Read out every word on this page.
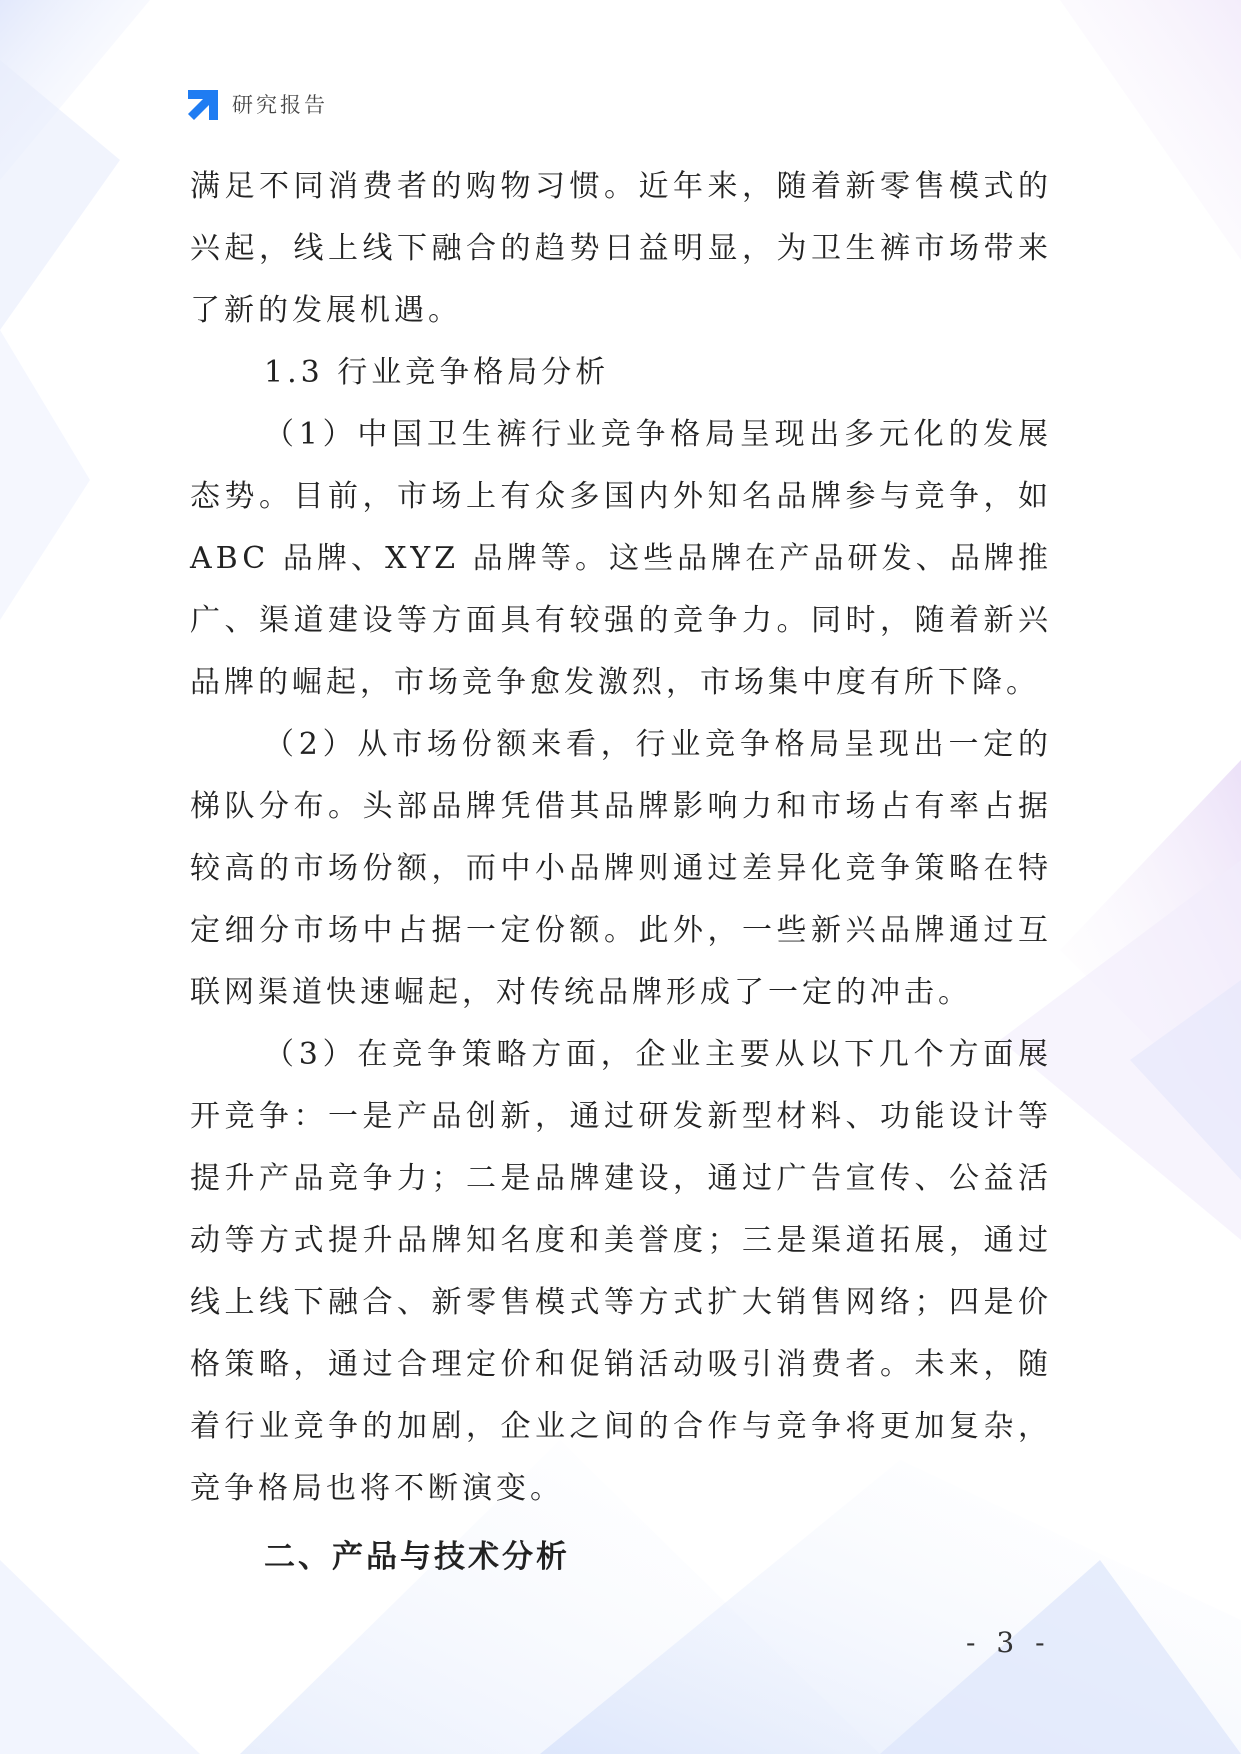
研究报告

满足不同消费者的购物习惯。近年来，随着新零售模式的兴起，线上线下融合的趋势日益明显，为卫生裤市场带来了新的发展机遇。

1.3 行业竞争格局分析

（1）中国卫生裤行业竞争格局呈现出多元化的发展态势。目前，市场上有众多国内外知名品牌参与竞争，如 ABC 品牌、XYZ 品牌等。这些品牌在产品研发、品牌推广、渠道建设等方面具有较强的竞争力。同时，随着新兴品牌的崛起，市场竞争愈发激烈，市场集中度有所下降。

（2）从市场份额来看，行业竞争格局呈现出一定的梯队分布。头部品牌凭借其品牌影响力和市场占有率占据较高的市场份额，而中小品牌则通过差异化竞争策略在特定细分市场中占据一定份额。此外，一些新兴品牌通过互联网渠道快速崛起，对传统品牌形成了一定的冲击。

（3）在竞争策略方面，企业主要从以下几个方面展开竞争：一是产品创新，通过研发新型材料、功能设计等提升产品竞争力；二是品牌建设，通过广告宣传、公益活动等方式提升品牌知名度和美誉度；三是渠道拓展，通过线上线下融合、新零售模式等方式扩大销售网络；四是价格策略，通过合理定价和促销活动吸引消费者。未来，随着行业竞争的加剧，企业之间的合作与竞争将更加复杂，竞争格局也将不断演变。

二、产品与技术分析

- 3 -
